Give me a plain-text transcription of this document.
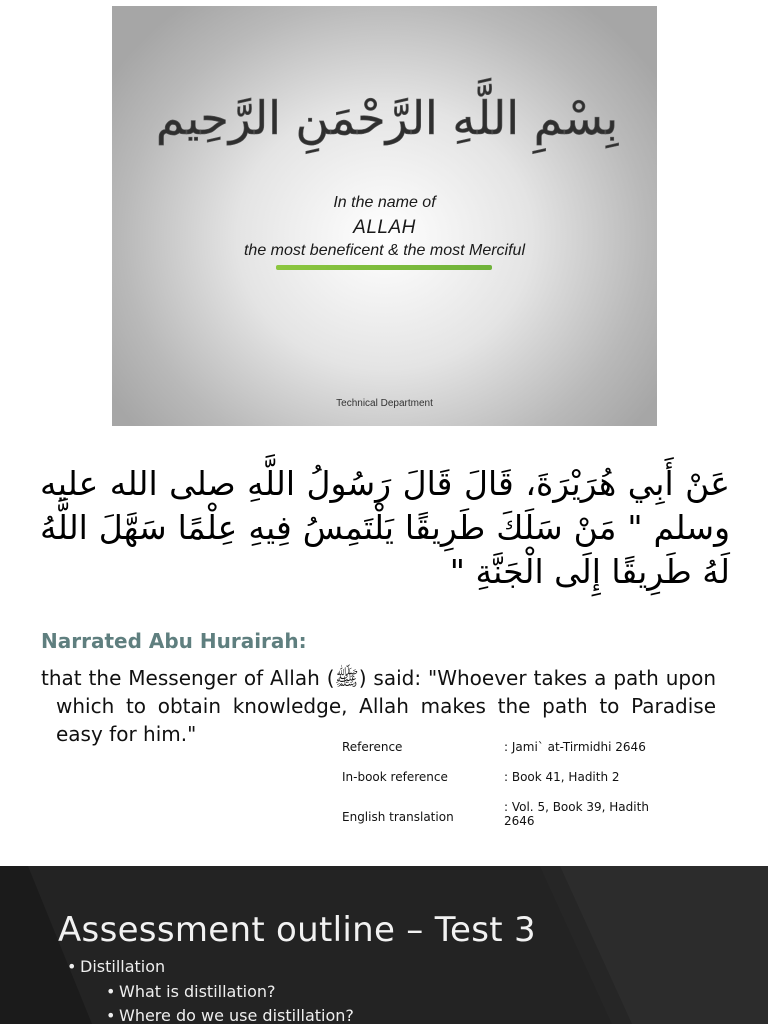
بِسْمِ اللَّهِ الرَّحْمَنِ الرَّحِيم
In the name of
ALLAH
the most beneficent & the most Merciful
Technical Department
عَنْ أَبِي هُرَيْرَةَ، قَالَ قَالَ رَسُولُ اللَّهِ صلى الله عليه وسلم " مَنْ سَلَكَ طَرِيقًا يَلْتَمِسُ فِيهِ عِلْمًا سَهَّلَ اللَّهُ لَهُ طَرِيقًا إِلَى الْجَنَّةِ "
Narrated Abu Hurairah:
that the Messenger of Allah (ﷺ) said: "Whoever takes a path upon which to obtain knowledge, Allah makes the path to Paradise easy for him."
Reference	: Jami` at-Tirmidhi 2646
In-book reference	: Book 41, Hadith 2
English translation
: Vol. 5, Book 39, Hadith 2646
Assessment outline – Test 3
• Distillation
• What is distillation?
• Where do we use distillation?
